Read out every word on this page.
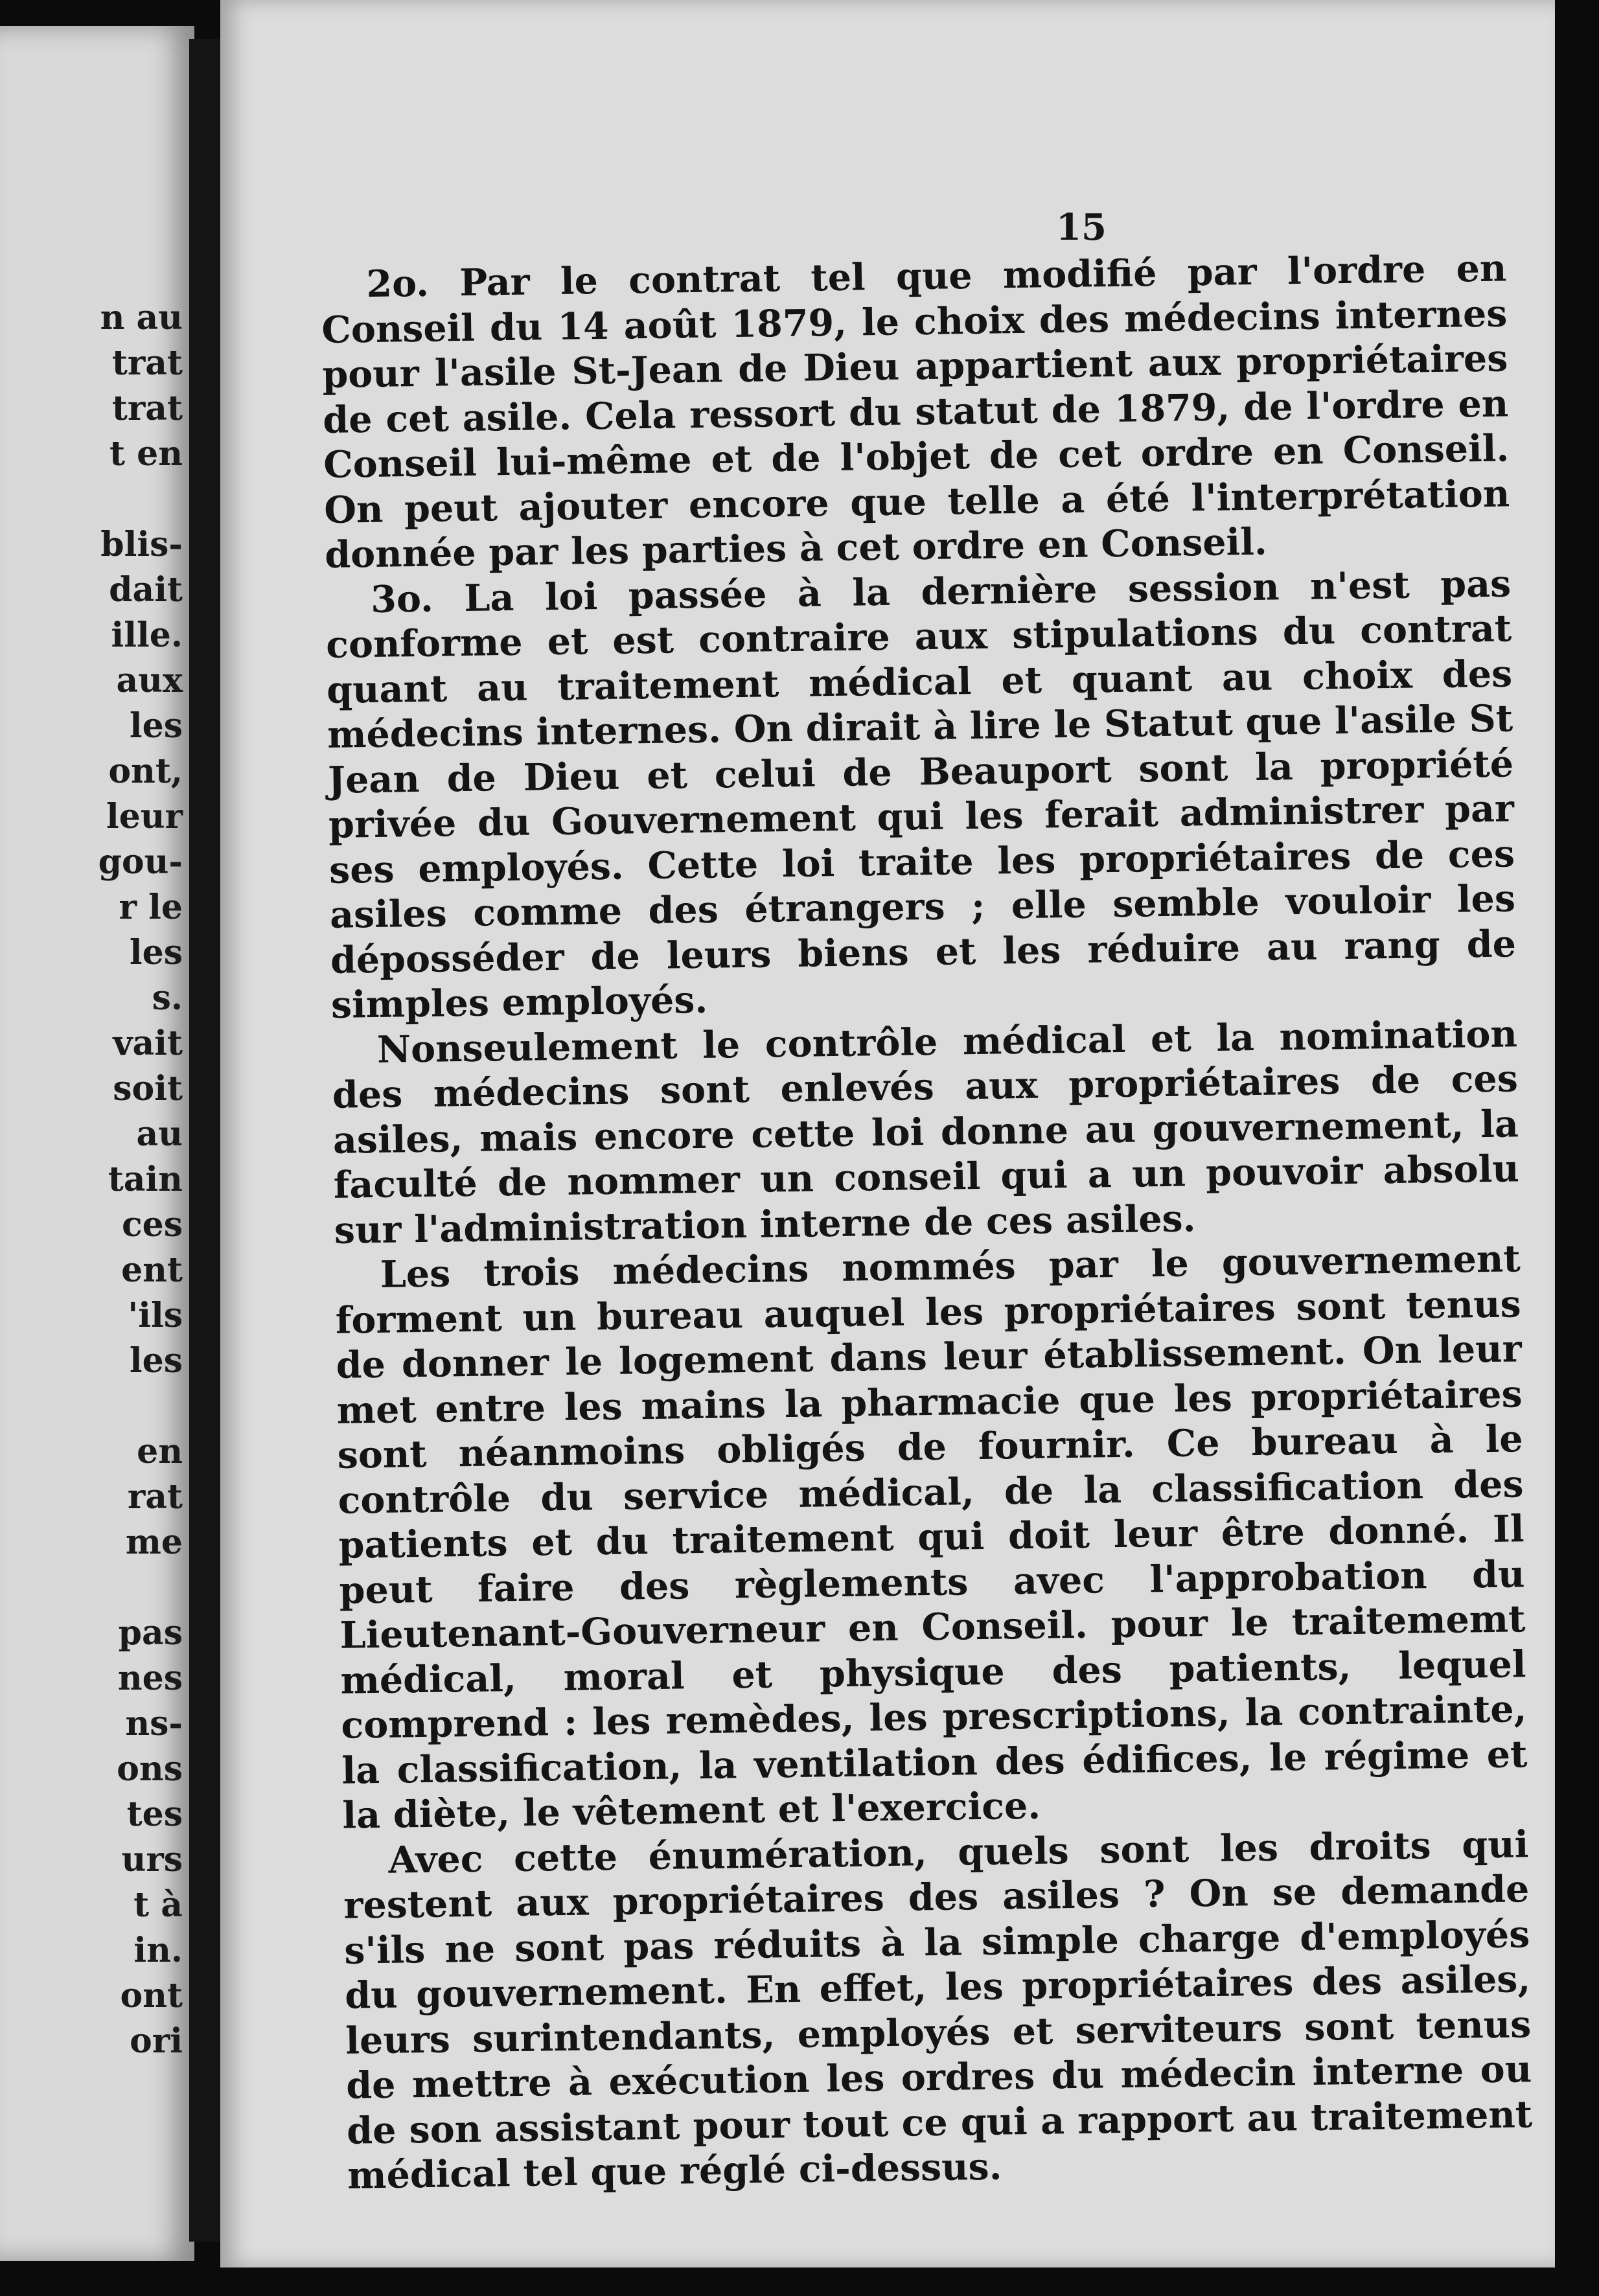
n au
trat
trat
t en
blis-
dait
ille.
aux
les
ont,
leur
gou-
r le
les
s.
vait
soit
au
tain
ces
ent
'ils
les
en
rat
me
pas
nes
ns-
ons
tes
urs
t à
in.
ont
ori
15

2o. Par le contrat tel que modifié par l'ordre en Conseil du 14 août 1879, le choix des médecins internes pour l'asile St-Jean de Dieu appartient aux propriétaires de cet asile. Cela ressort du statut de 1879, de l'ordre en Conseil lui-même et de l'objet de cet ordre en Conseil. On peut ajouter encore que telle a été l'interprétation donnée par les parties à cet ordre en Conseil.

3o. La loi passée à la dernière session n'est pas conforme et est contraire aux stipulations du contrat quant au traitement médical et quant au choix des médecins internes. On dirait à lire le Statut que l'asile St Jean de Dieu et celui de Beauport sont la propriété privée du Gouvernement qui les ferait administrer par ses employés. Cette loi traite les propriétaires de ces asiles comme des étrangers ; elle semble vouloir les déposséder de leurs biens et les réduire au rang de simples employés.

Nonseulement le contrôle médical et la nomination des médecins sont enlevés aux propriétaires de ces asiles, mais encore cette loi donne au gouvernement, la faculté de nommer un conseil qui a un pouvoir absolu sur l'administration interne de ces asiles.

Les trois médecins nommés par le gouvernement forment un bureau auquel les propriétaires sont tenus de donner le logement dans leur établissement. On leur met entre les mains la pharmacie que les propriétaires sont néanmoins obligés de fournir. Ce bureau à le contrôle du service médical, de la classification des patients et du traitement qui doit leur être donné. Il peut faire des règlements avec l'approbation du Lieutenant-Gouverneur en Conseil. pour le traitememt médical, moral et physique des patients, lequel comprend : les remèdes, les prescriptions, la contrainte, la classification, la ventilation des édifices, le régime et la diète, le vêtement et l'exercice.

Avec cette énumération, quels sont les droits qui restent aux propriétaires des asiles ? On se demande s'ils ne sont pas réduits à la simple charge d'employés du gouvernement. En effet, les propriétaires des asiles, leurs surintendants, employés et serviteurs sont tenus de mettre à exécution les ordres du médecin interne ou de son assistant pour tout ce qui a rapport au traitement médical tel que réglé ci-dessus.
